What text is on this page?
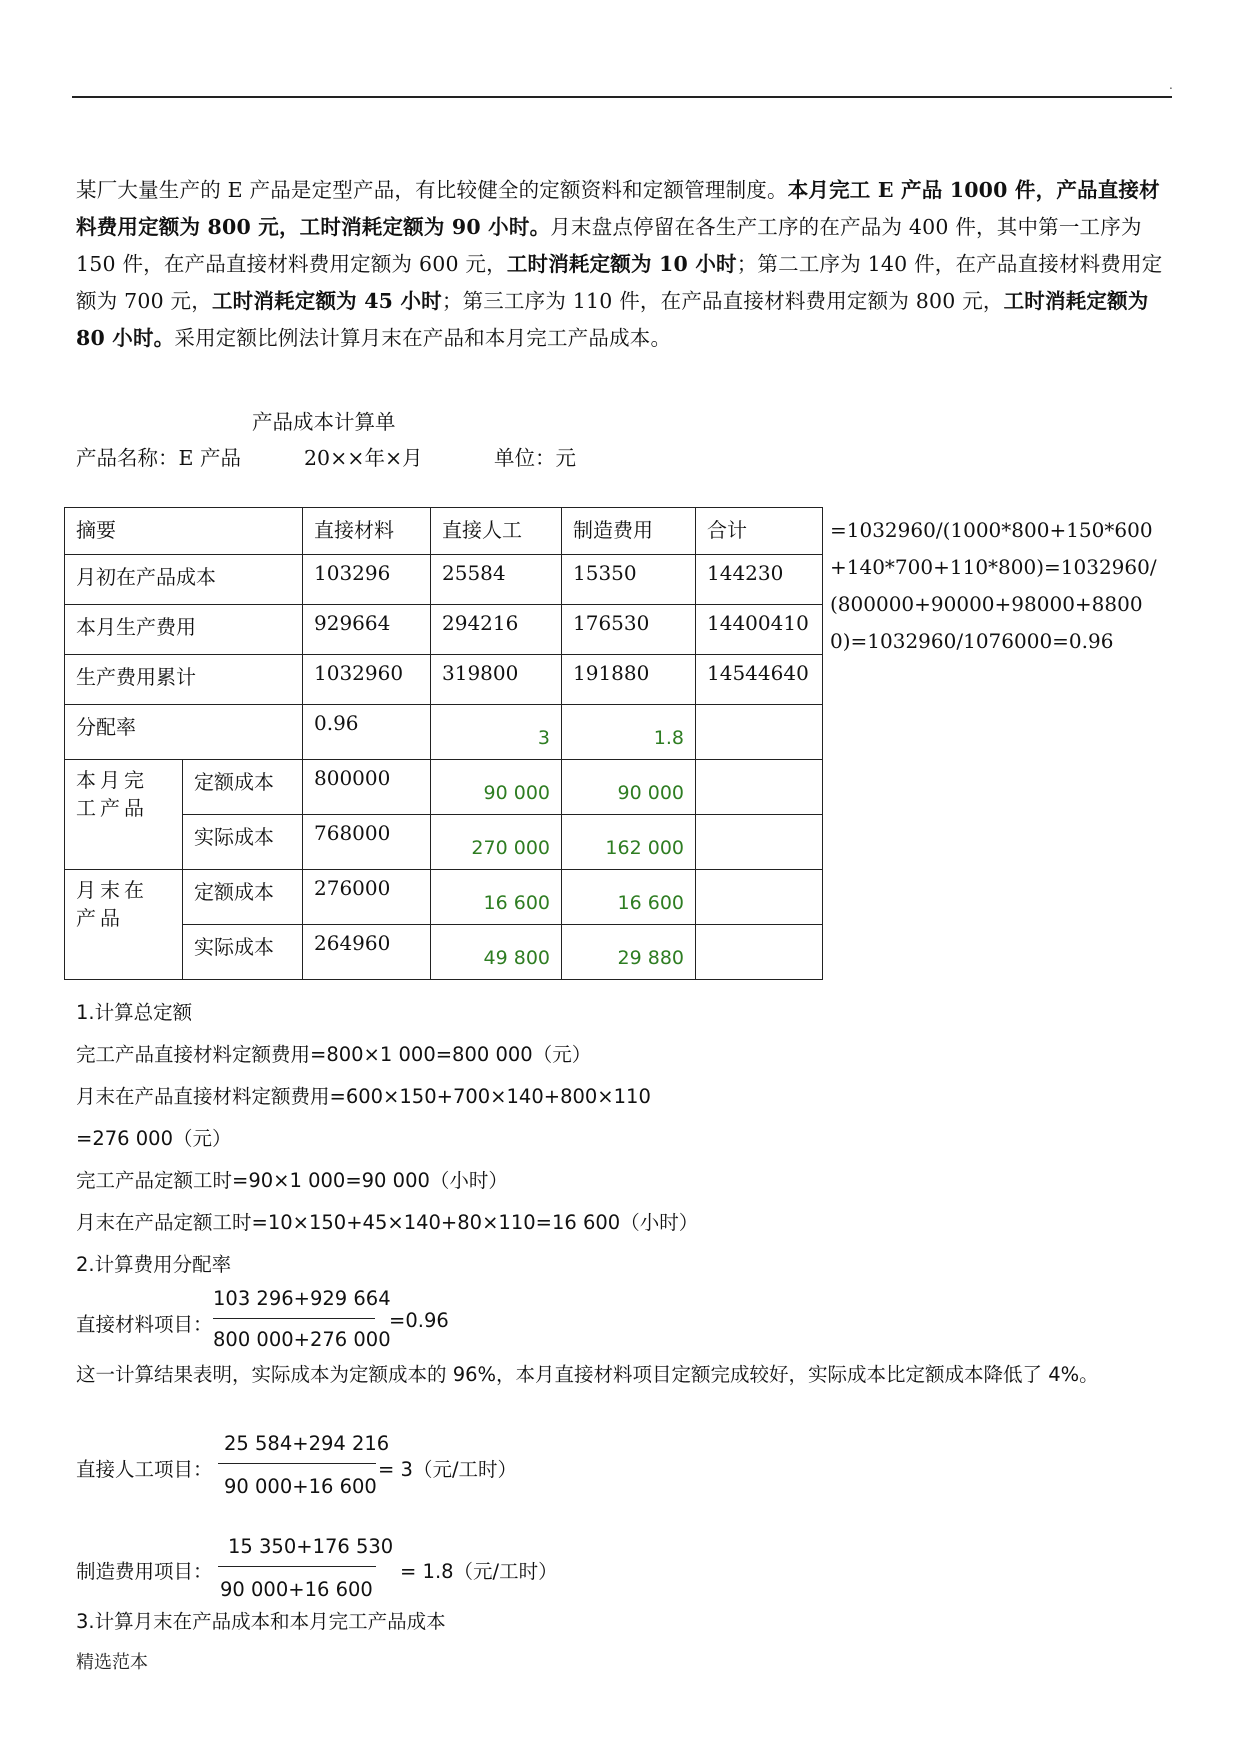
.
某厂大量生产的 E 产品是定型产品，有比较健全的定额资料和定额管理制度。本月完工 E 产品 1000 件，产品直接材料费用定额为 800 元，工时消耗定额为 90 小时。月末盘点停留在各生产工序的在产品为 400 件，其中第一工序为 150 件，在产品直接材料费用定额为 600 元，工时消耗定额为 10 小时；第二工序为 140 件，在产品直接材料费用定额为 700 元，工时消耗定额为 45 小时；第三工序为 110 件，在产品直接材料费用定额为 800 元，工时消耗定额为 80 小时。采用定额比例法计算月末在产品和本月完工产品成本。
产品成本计算单
产品名称：E 产品	20××年×月	单位：元
摘要		直接材料	直接人工	制造费用	合计
月初在产品成本		103296	25584	15350	144230
本月生产费用		929664	294216	176530	14400410
生产费用累计		1032960	319800	191880	14544640
分配率		0.96	3	1.8	
本月完工产品	定额成本	800000	90 000	90 000	
	实际成本	768000	270 000	162 000	
月末在产品	定额成本	276000	16 600	16 600	
	实际成本	264960	49 800	29 880	
=1032960/(1000*800+150*600+140*700+110*800)=1032960/(800000+90000+98000+88000)=1032960/1076000=0.96
1.计算总定额
完工产品直接材料定额费用=800×1 000=800 000（元）
月末在产品直接材料定额费用=600×150+700×140+800×110
=276 000（元）
完工产品定额工时=90×1 000=90 000（小时）
月末在产品定额工时=10×150+45×140+80×110=16 600（小时）
2.计算费用分配率
103 296+929 664
直接材料项目：	=0.96
800 000+276 000
这一计算结果表明，实际成本为定额成本的 96%，本月直接材料项目定额完成较好，实际成本比定额成本降低了 4%。
25 584+294 216
直接人工项目：	= 3（元/工时）
90 000+16 600
15 350+176 530
制造费用项目：	= 1.8（元/工时）
90 000+16 600
3.计算月末在产品成本和本月完工产品成本
精选范本
